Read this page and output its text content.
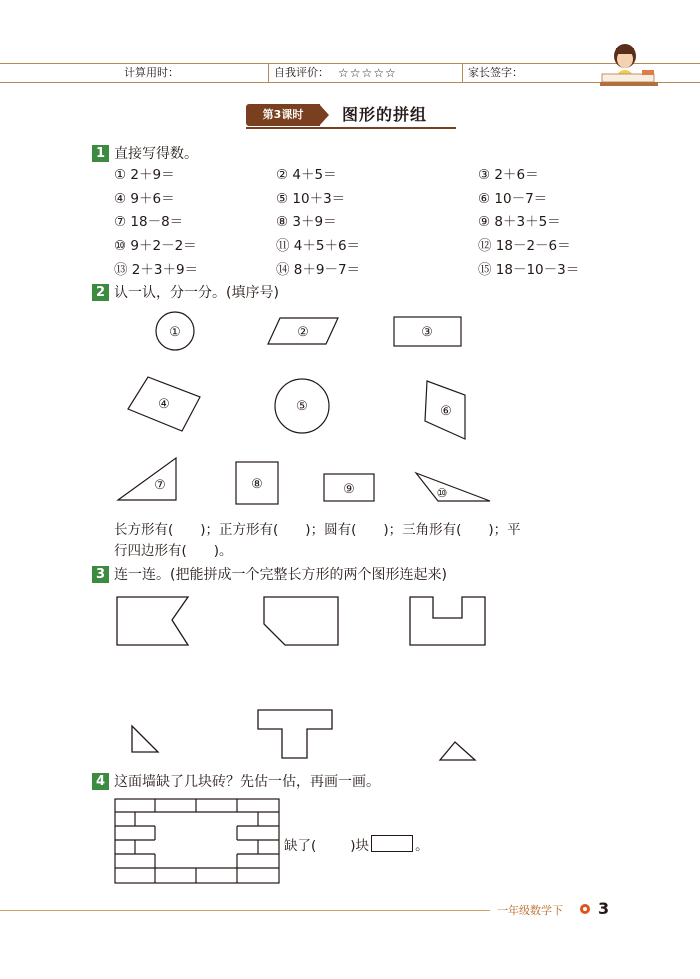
计算用时：	自我评价： ☆☆☆☆☆	家长签字：
第3课时	图形的拼组
1 直接写得数。
① 2＋9＝	② 4＋5＝	③ 2＋6＝
④ 9＋6＝	⑤ 10＋3＝	⑥ 10－7＝
⑦ 18－8＝	⑧ 3＋9＝	⑨ 8＋3＋5＝
⑩ 9＋2－2＝	⑪ 4＋5＋6＝	⑫ 18－2－6＝
⑬ 2＋3＋9＝	⑭ 8＋9－7＝	⑮ 18－10－3＝
2 认一认，分一分。(填序号)
①	②	③
④	⑤	⑥
⑦	⑧	⑨	⑩
长方形有(　　)；正方形有(　　)；圆有(　　)；三角形有(　　)；平
行四边形有(　　)。
3 连一连。(把能拼成一个完整长方形的两个图形连起来)
4 这面墙缺了几块砖？先估一估，再画一画。
缺了(	)块	。
一年级数学下 3
